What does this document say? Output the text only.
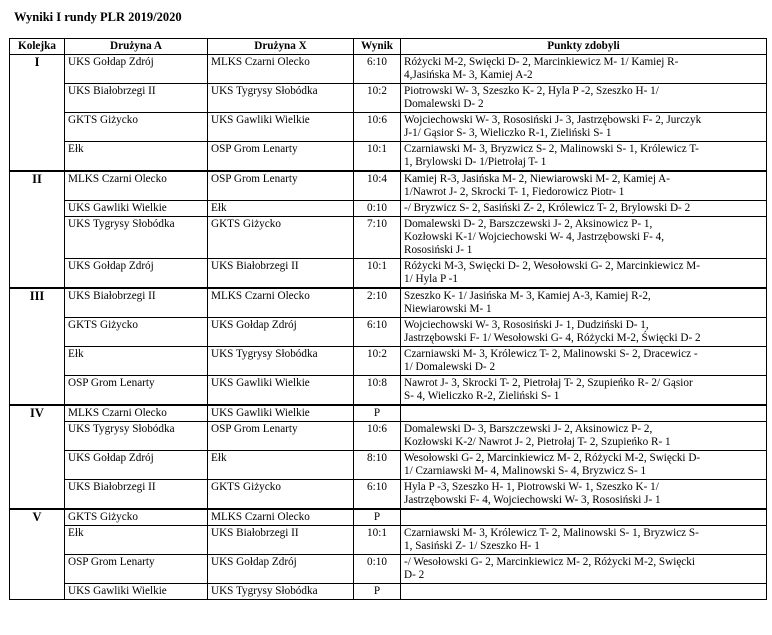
Wyniki I rundy PLR 2019/2020
Kolejka	Drużyna A	Drużyna X	Wynik	Punkty zdobyli
I	UKS Gołdap Zdrój	MLKS Czarni Olecko	6:10	Różycki M-2, Swięcki D- 2, Marcinkiewicz M- 1/ Kamiej R-
4,Jasińska M- 3, Kamiej A-2

	UKS Białobrzegi II	UKS Tygrysy Słobódka	10:2	Piotrowski W- 3, Szeszko K- 2, Hyla P -2, Szeszko H- 1/
Domalewski D- 2

	GKTS Giżycko	UKS Gawliki Wielkie	10:6	Wojciechowski W- 3, Rososiński J- 3, Jastrzębowski F- 2, Jurczyk
J-1/ Gąsior S- 3, Wieliczko R-1, Zieliński S- 1

	Ełk	OSP Grom Lenarty	10:1	Czarniawski M- 3, Bryzwicz S- 2, Malinowski S- 1, Królewicz T-
1, Brylowski D- 1/Pietrołaj T- 1

II	MLKS Czarni Olecko	OSP Grom Lenarty	10:4	Kamiej R-3, Jasińska M- 2, Niewiarowski M- 2, Kamiej A-
1/Nawrot J- 2, Skrocki T- 1, Fiedorowicz Piotr- 1

	UKS Gawliki Wielkie	Ełk	0:10	-/ Bryzwicz S- 2, Sasiński Z- 2, Królewicz T- 2, Brylowski D- 2

	UKS Tygrysy Słobódka	GKTS Giżycko	7:10	Domalewski D- 2, Barszczewski J- 2, Aksinowicz P- 1,
Kozłowski K-1/ Wojciechowski W- 4, Jastrzębowski F- 4,
Rososiński J- 1

	UKS Gołdap Zdrój	UKS Białobrzegi II	10:1	Różycki M-3, Swięcki D- 2, Wesołowski G- 2, Marcinkiewicz M-
1/ Hyla P -1

III	UKS Białobrzegi II	MLKS Czarni Olecko	2:10	Szeszko K- 1/ Jasińska M- 3, Kamiej A-3, Kamiej R-2,
Niewiarowski M- 1

	GKTS Giżycko	UKS Gołdap Zdrój	6:10	Wojciechowski W- 3, Rososiński J- 1, Dudziński D- 1,
Jastrzębowski F- 1/ Wesołowski G- 4, Różycki M-2, Święcki D- 2

	Ełk	UKS Tygrysy Słobódka	10:2	Czarniawski M- 3, Królewicz T- 2, Malinowski S- 2, Dracewicz -
1/ Domalewski D- 2

	OSP Grom Lenarty	UKS Gawliki Wielkie	10:8	Nawrot J- 3, Skrocki T- 2, Pietrołaj T- 2, Szupieńko R- 2/ Gąsior
S- 4, Wieliczko R-2, Zieliński S- 1

IV	MLKS Czarni Olecko	UKS Gawliki Wielkie	P	

	UKS Tygrysy Słobódka	OSP Grom Lenarty	10:6	Domalewski D- 3, Barszczewski J- 2, Aksinowicz P- 2,
Kozłowski K-2/ Nawrot J- 2, Pietrołaj T- 2, Szupieńko R- 1

	UKS Gołdap Zdrój	Ełk	8:10	Wesołowski G- 2, Marcinkiewicz M- 2, Różycki M-2, Swięcki D-
1/ Czarniawski M- 4, Malinowski S- 4, Bryzwicz S- 1

	UKS Białobrzegi II	GKTS Giżycko	6:10	Hyla P -3, Szeszko H- 1, Piotrowski W- 1, Szeszko K- 1/
Jastrzębowski F- 4, Wojciechowski W- 3, Rososiński J- 1

V	GKTS Giżycko	MLKS Czarni Olecko	P	

	Ełk	UKS Białobrzegi II	10:1	Czarniawski M- 3, Królewicz T- 2, Malinowski S- 1, Bryzwicz S-
1, Sasiński Z- 1/ Szeszko H- 1

	OSP Grom Lenarty	UKS Gołdap Zdrój	0:10	-/ Wesołowski G- 2, Marcinkiewicz M- 2, Różycki M-2, Swięcki
D- 2

	UKS Gawliki Wielkie	UKS Tygrysy Słobódka	P	
